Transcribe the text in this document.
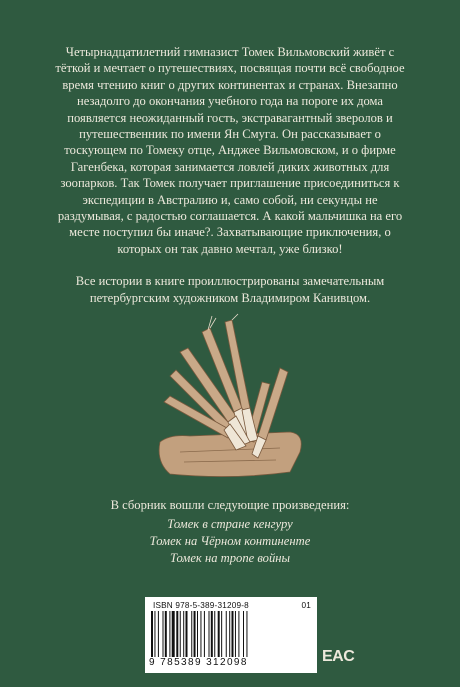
Четырнадцатилетний гимназист Томек Вильмовский живёт с тёткой и мечтает о путешествиях, посвящая почти всё свободное время чтению книг о других континентах и странах. Внезапно незадолго до окончания учебного года на пороге их дома появляется неожиданный гость, экстравагантный зверолов и путешественник по имени Ян Смуга. Он рассказывает о тоскующем по Томеку отце, Анджее Вильмовском, и о фирме Гагенбека, которая занимается ловлей диких животных для зоопарков. Так Томек получает приглашение присоединиться к экспедиции в Австралию и, само собой, ни секунды не раздумывая, с радостью соглашается. А какой мальчишка на его месте поступил бы иначе?. Захватывающие приключения, о которых он так давно мечтал, уже близко!

Все истории в книге проиллюстрированы замечательным петербургским художником Владимиром Канивцом.

В сборник вошли следующие произведения:

Томек в стране кенгуру

Томек на Чёрном континенте

Томек на тропе войны

ISBN 978-5-389-31209-8	01
9 785389 312098	EAC
